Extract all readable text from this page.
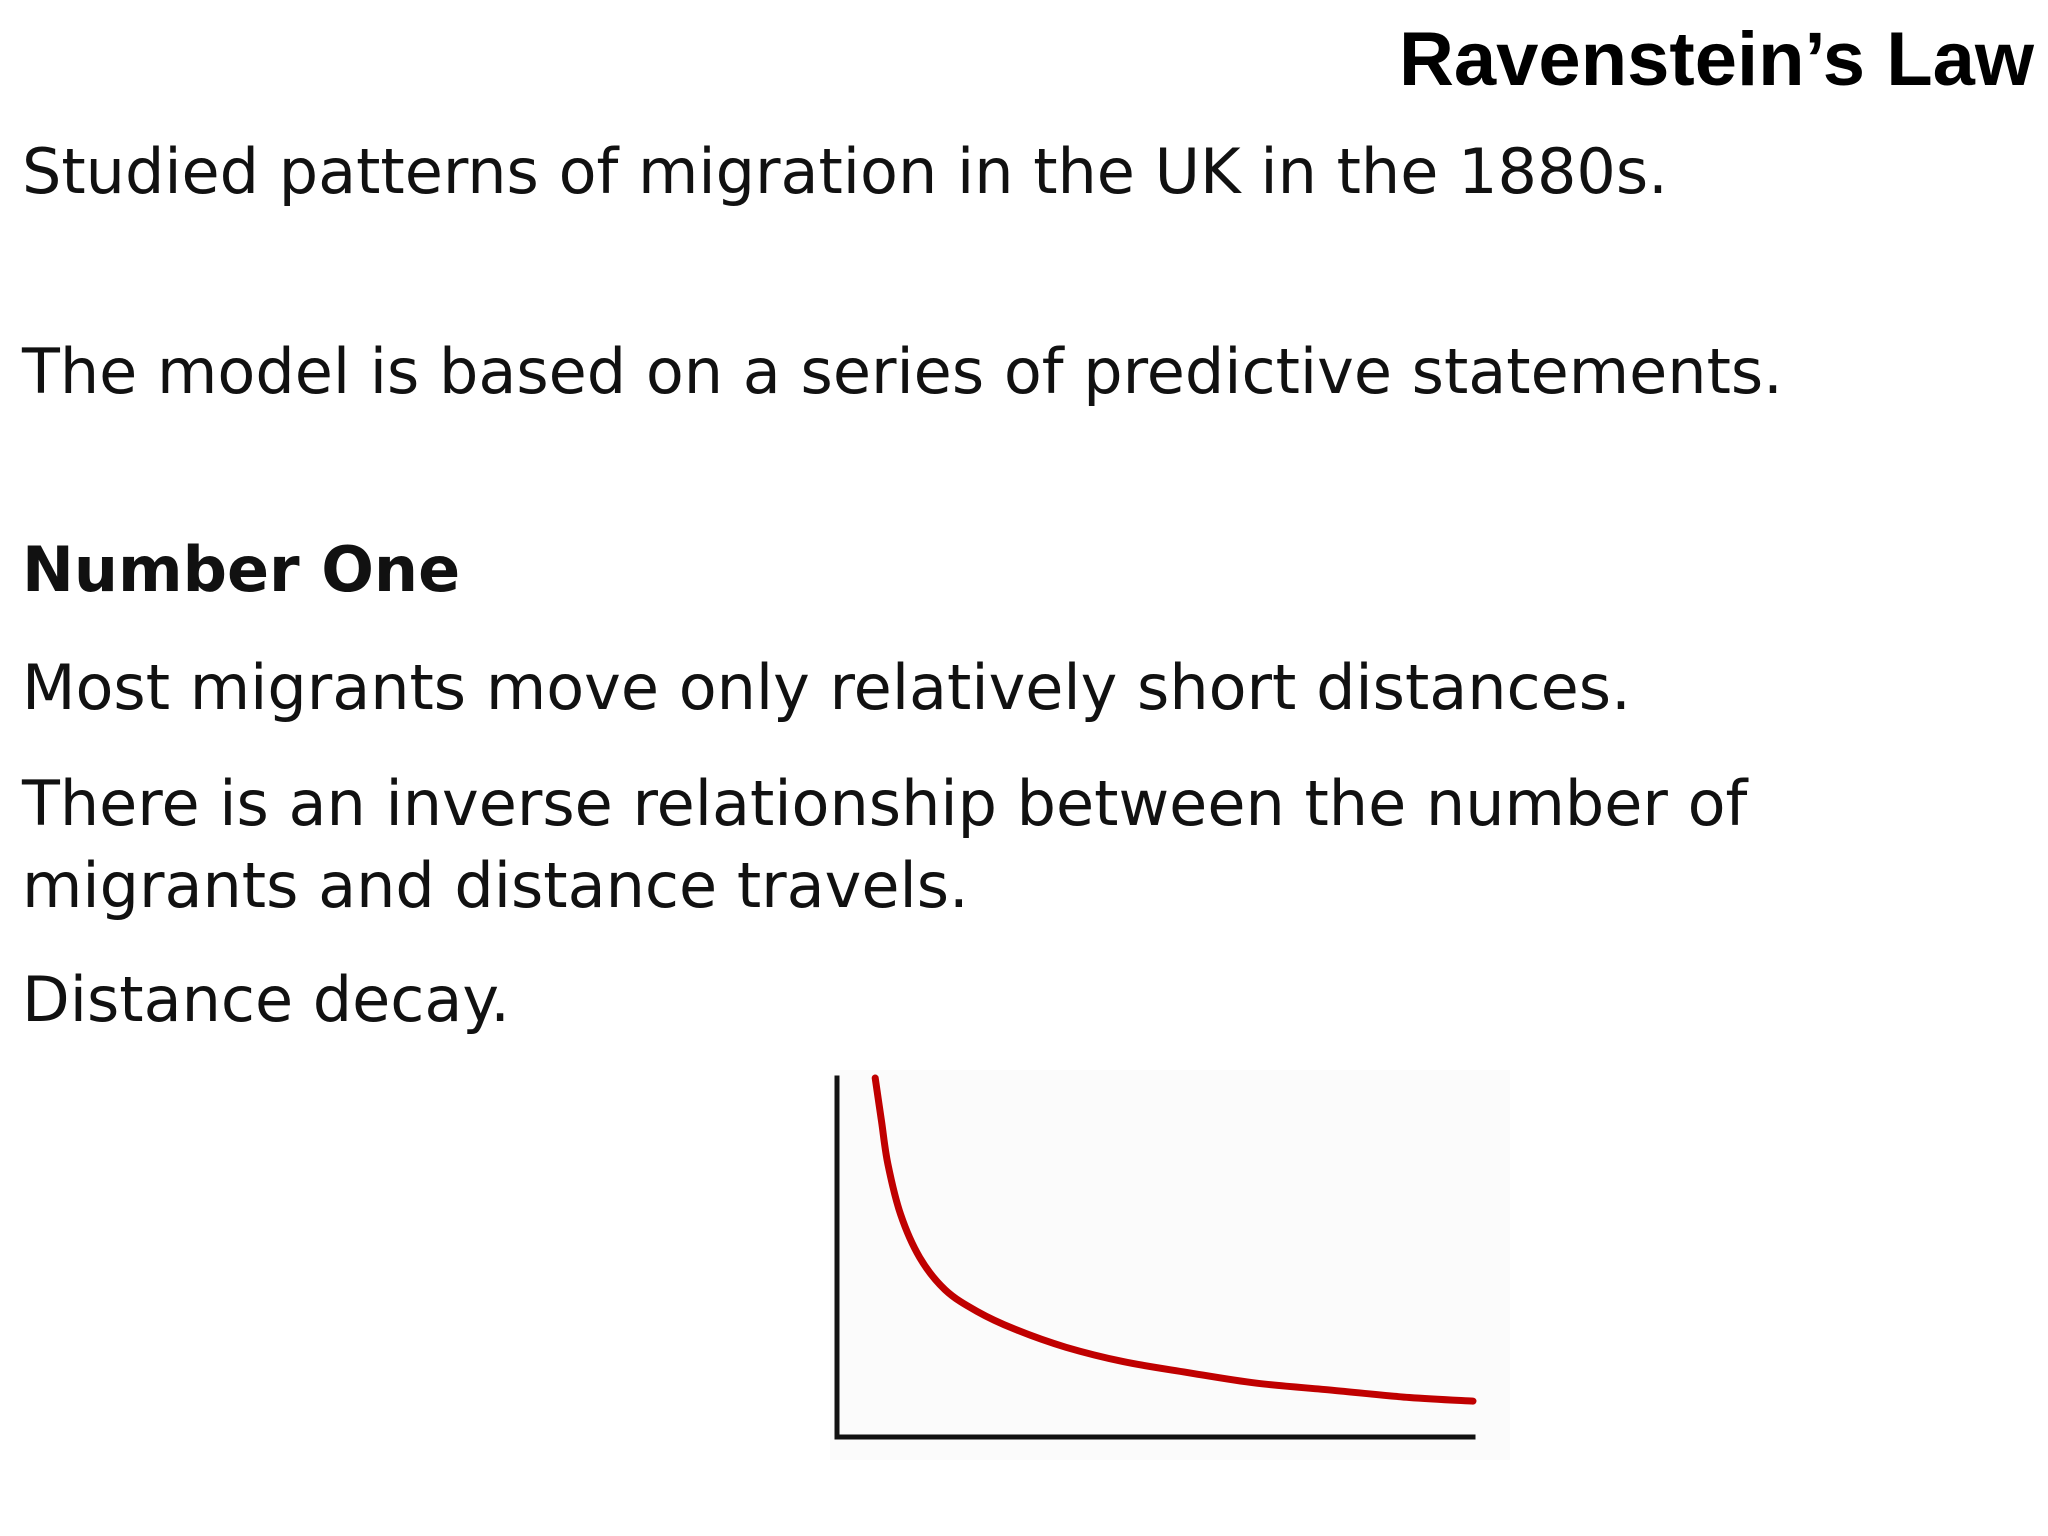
Ravenstein’s Law

Studied patterns of migration in the UK in the 1880s.

The model is based on a series of predictive statements.

Number One

Most migrants move only relatively short distances.

There is an inverse relationship between the number of

migrants and distance travels.

Distance decay.
